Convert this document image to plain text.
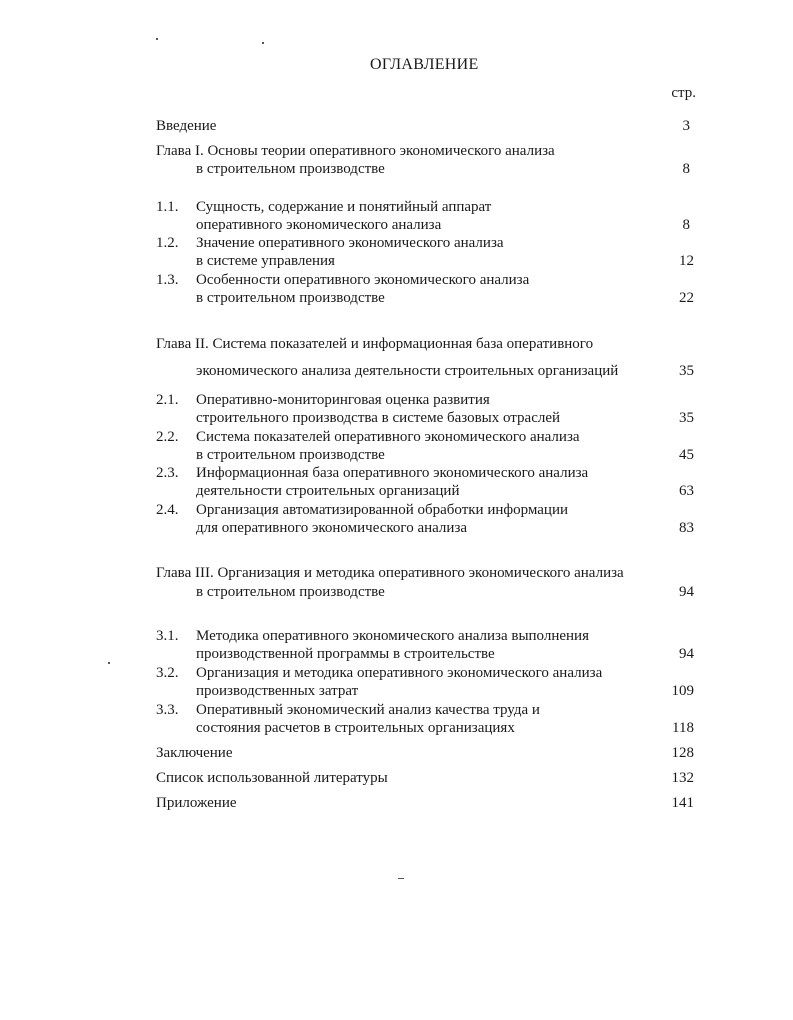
ОГЛАВЛЕНИЕ
стр.
Введение	3
Глава I. Основы теории оперативного экономического анализа
в строительном производстве	8
1.1. Сущность, содержание и понятийный аппарат
оперативного экономического анализа	8
1.2. Значение оперативного экономического анализа
в системе управления	12
1.3. Особенности оперативного экономического анализа
в строительном производстве	22
Глава II. Система показателей и информационная база оперативного
экономического анализа деятельности строительных организаций	35
2.1. Оперативно-мониторинговая оценка развития
строительного производства в системе базовых отраслей	35
2.2. Система показателей оперативного экономического анализа
в строительном производстве	45
2.3. Информационная база оперативного экономического анализа
деятельности строительных организаций	63
2.4. Организация автоматизированной обработки информации
для оперативного экономического анализа	83
Глава III. Организация и методика оперативного экономического анализа
в строительном производстве	94
3.1. Методика оперативного экономического анализа выполнения
производственной программы в строительстве	94
3.2. Организация и методика оперативного экономического анализа
производственных затрат	109
3.3. Оперативный экономический анализ качества труда и
состояния расчетов в строительных организациях	118
Заключение	128
Список использованной литературы	132
Приложение	141
